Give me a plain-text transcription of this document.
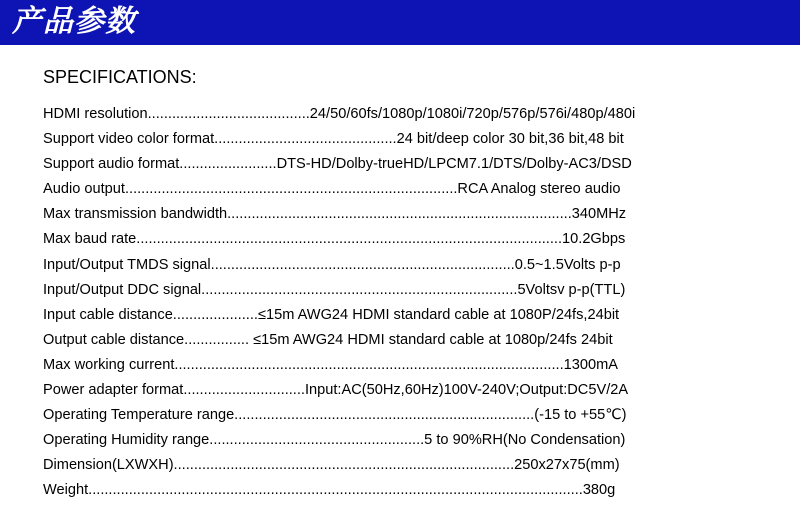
产品参数
SPECIFICATIONS:
HDMI resolution........................................24/50/60fs/1080p/1080i/720p/576p/576i/480p/480i
Support video color format.............................................24 bit/deep color 30 bit,36 bit,48 bit
Support audio format........................DTS-HD/Dolby-trueHD/LPCM7.1/DTS/Dolby-AC3/DSD
Audio output..................................................................................RCA Analog stereo audio
Max transmission bandwidth.....................................................................................340MHz
Max baud rate.........................................................................................................10.2Gbps
Input/Output TMDS signal...........................................................................0.5~1.5Volts p-p
Input/Output DDC signal..............................................................................5Voltsv p-p(TTL)
Input cable distance.....................≤15m AWG24 HDMI standard cable at 1080P/24fs,24bit
Output cable distance................ ≤15m AWG24 HDMI standard cable at 1080p/24fs 24bit
Max working current................................................................................................1300mA
Power adapter format..............................Input:AC(50Hz,60Hz)100V-240V;Output:DC5V/2A
Operating Temperature range..........................................................................(-15 to +55℃)
Operating Humidity range.....................................................5 to 90%RH(No Condensation)
Dimension(LXWXH)....................................................................................250x27x75(mm)
Weight..........................................................................................................................380g
